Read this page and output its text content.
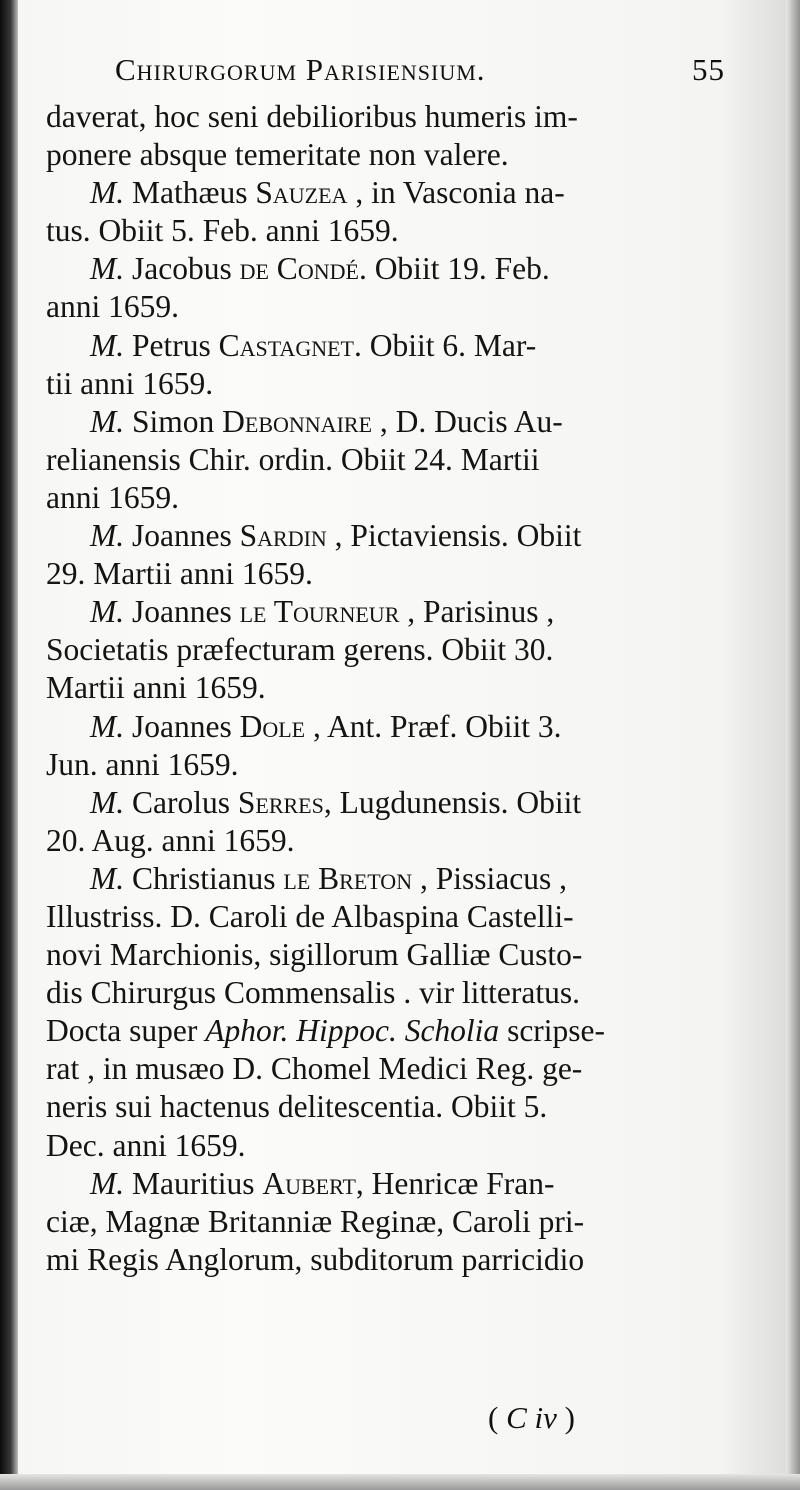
Chirurgorum Parisiensium.	55
daverat, hoc seni debilioribus humeris im-
ponere absque temeritate non valere.
M. Mathæus Sauzea , in Vasconia na-
tus. Obiit 5. Feb. anni 1659.
M. Jacobus de Condé. Obiit 19. Feb.
anni 1659.
M. Petrus Castagnet. Obiit 6. Mar-
tii anni 1659.
M. Simon Debonnaire , D. Ducis Au-
relianensis Chir. ordin. Obiit 24. Martii
anni 1659.
M. Joannes Sardin , Pictaviensis. Obiit
29. Martii anni 1659.
M. Joannes le Tourneur , Parisinus ,
Societatis præfecturam gerens. Obiit 30.
Martii anni 1659.
M. Joannes Dole , Ant. Præf. Obiit 3.
Jun. anni 1659.
M. Carolus Serres, Lugdunensis. Obiit
20. Aug. anni 1659.
M. Christianus le Breton , Pissiacus ,
Illustriss. D. Caroli de Albaspina Castelli-
novi Marchionis, sigillorum Galliæ Custo-
dis Chirurgus Commensalis . vir litteratus.
Docta super Aphor. Hippoc. Scholia scripse-
rat , in musæo D. Chomel Medici Reg. ge-
neris sui hactenus delitescentia. Obiit 5.
Dec. anni 1659.
M. Mauritius Aubert, Henricæ Fran-
ciæ, Magnæ Britanniæ Reginæ, Caroli pri-
mi Regis Anglorum, subditorum parricidio
( C iv )
